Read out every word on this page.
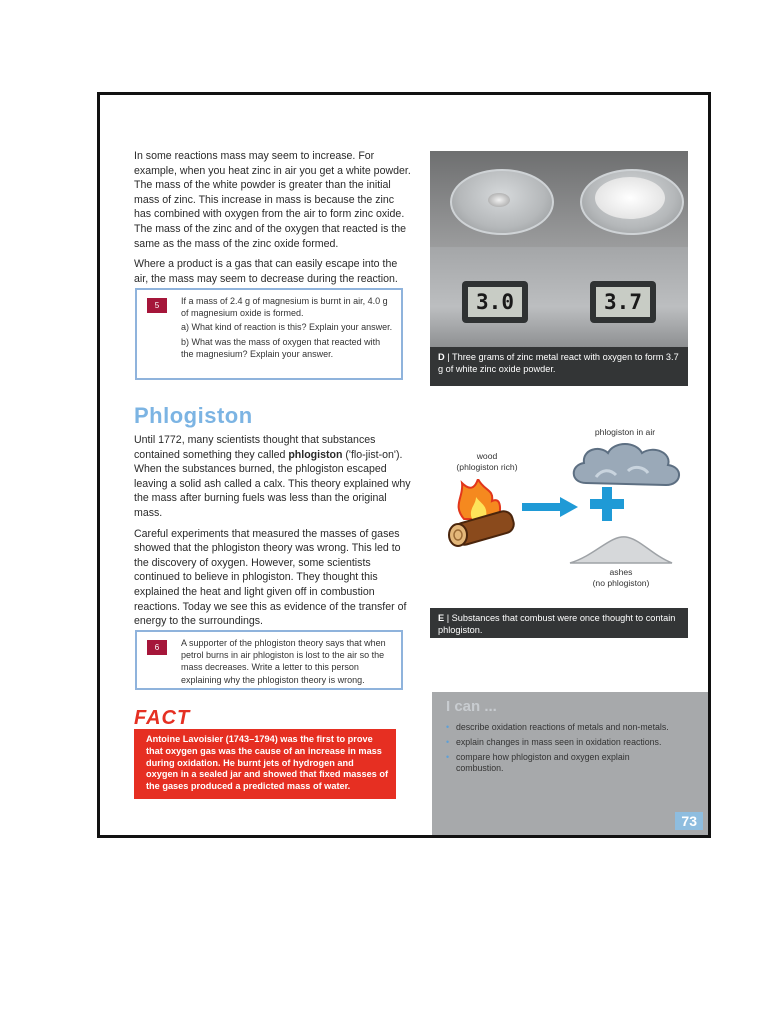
In some reactions mass may seem to increase. For example, when you heat zinc in air you get a white powder. The mass of the white powder is greater than the initial mass of zinc. This increase in mass is because the zinc has combined with oxygen from the air to form zinc oxide. The mass of the zinc and of the oxygen that reacted is the same as the mass of the zinc oxide formed.

Where a product is a gas that can easily escape into the air, the mass may seem to decrease during the reaction.

5	If a mass of 2.4 g of magnesium is burnt in air, 4.0 g of magnesium oxide is formed.
a) What kind of reaction is this? Explain your answer.
b) What was the mass of oxygen that reacted with the magnesium? Explain your answer.
3.0	3.7
D | Three grams of zinc metal react with oxygen to form 3.7 g of white zinc oxide powder.
Phlogiston

Until 1772, many scientists thought that substances contained something they called phlogiston ('flo-jist-on'). When the substances burned, the phlogiston escaped leaving a solid ash called a calx. This theory explained why the mass after burning fuels was less than the original mass.

Careful experiments that measured the masses of gases showed that the phlogiston theory was wrong. This led to the discovery of oxygen. However, some scientists continued to believe in phlogiston. They thought this explained the heat and light given off in combustion reactions. Today we see this as evidence of the transfer of energy to the surroundings.

phlogiston in air
wood
(phlogiston rich)
ashes
(no phlogiston)
E | Substances that combust were once thought to contain phlogiston.
6	A supporter of the phlogiston theory says that when petrol burns in air phlogiston is lost to the air so the mass decreases. Write a letter to this person explaining why the phlogiston theory is wrong.
FACT
Antoine Lavoisier (1743–1794) was the first to prove that oxygen gas was the cause of an increase in mass during oxidation. He burnt jets of hydrogen and oxygen in a sealed jar and showed that fixed masses of the gases produced a predicted mass of water.
I can ...
• describe oxidation reactions of metals and non-metals.
• explain changes in mass seen in oxidation reactions.
• compare how phlogiston and oxygen explain combustion.
73
